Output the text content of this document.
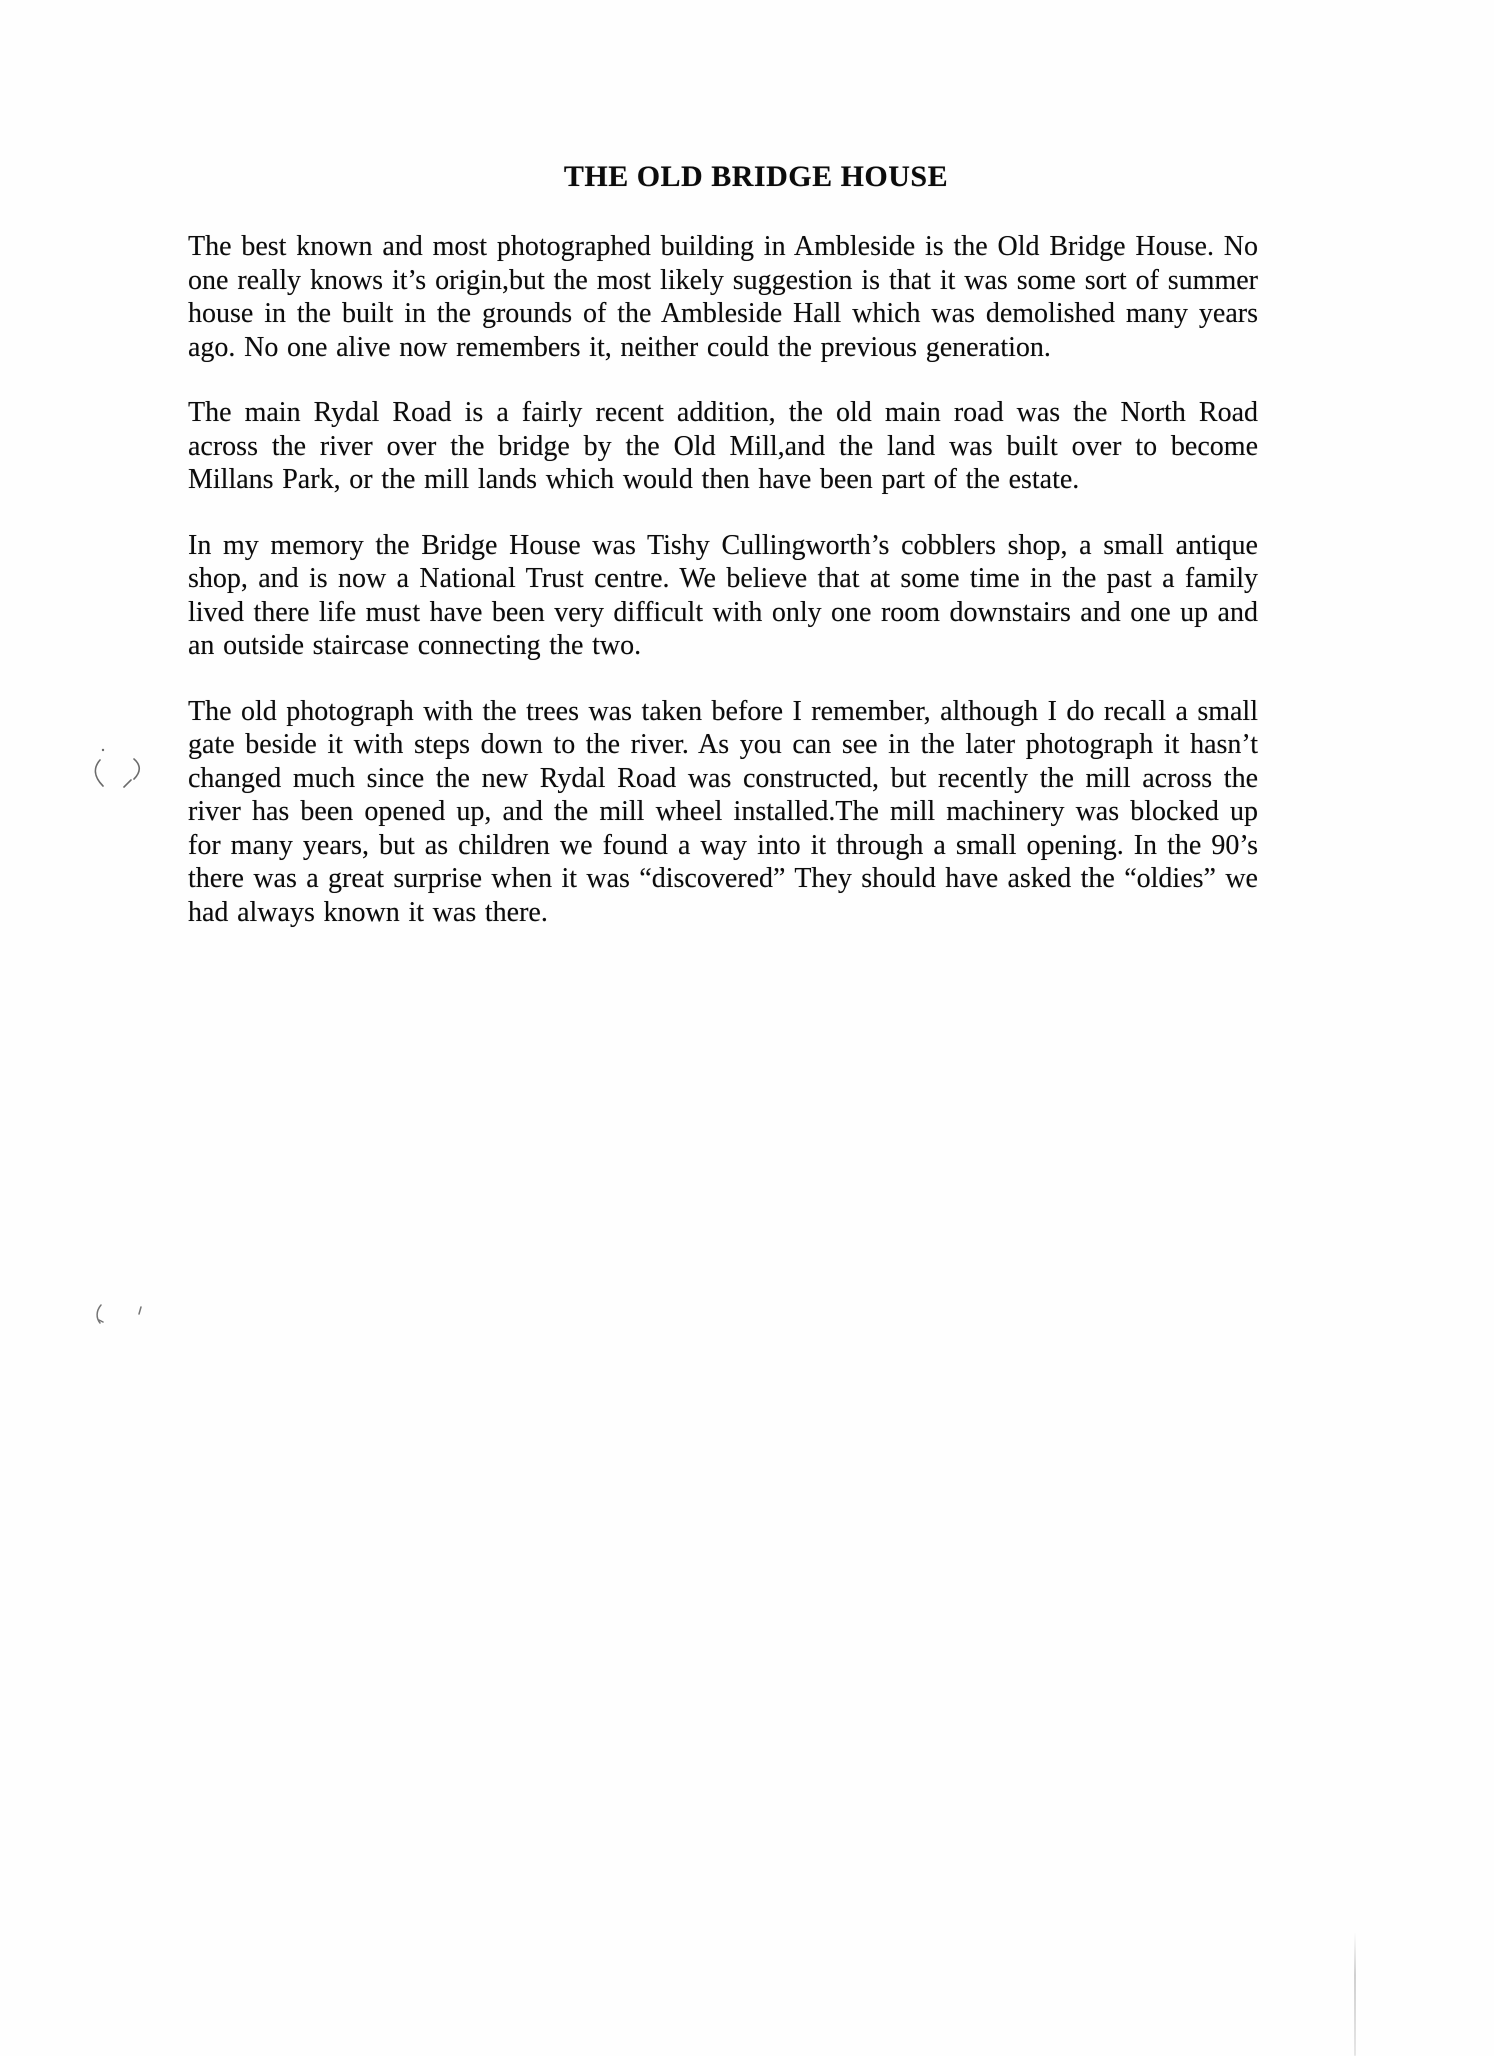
THE OLD BRIDGE HOUSE

The best known and most photographed building in Ambleside is the Old Bridge House. No one really knows it’s origin,but the most likely suggestion is that it was some sort of summer house in the built in the grounds of the Ambleside Hall which was demolished many years ago. No one alive now remembers it, neither could the previous generation.

The main Rydal Road is a fairly recent addition, the old main road was the North Road across the river over the bridge by the Old Mill,and the land was built over to become Millans Park, or the mill lands which would then have been part of the estate.

In my memory the Bridge House was Tishy Cullingworth’s cobblers shop, a small antique shop, and is now a National Trust centre. We believe that at some time in the past a family lived there life must have been very difficult with only one room downstairs and one up and an outside staircase connecting the two.

The old photograph with the trees was taken before I remember, although I do recall a small gate beside it with steps down to the river. As you can see in the later photograph it hasn’t changed much since the new Rydal Road was constructed, but recently the mill across the river has been opened up, and the mill wheel installed.The mill machinery was blocked up for many years, but as children we found a way into it through a small opening. In the 90’s there was a great surprise when it was “discovered” They should have asked the “oldies” we had always known it was there.
